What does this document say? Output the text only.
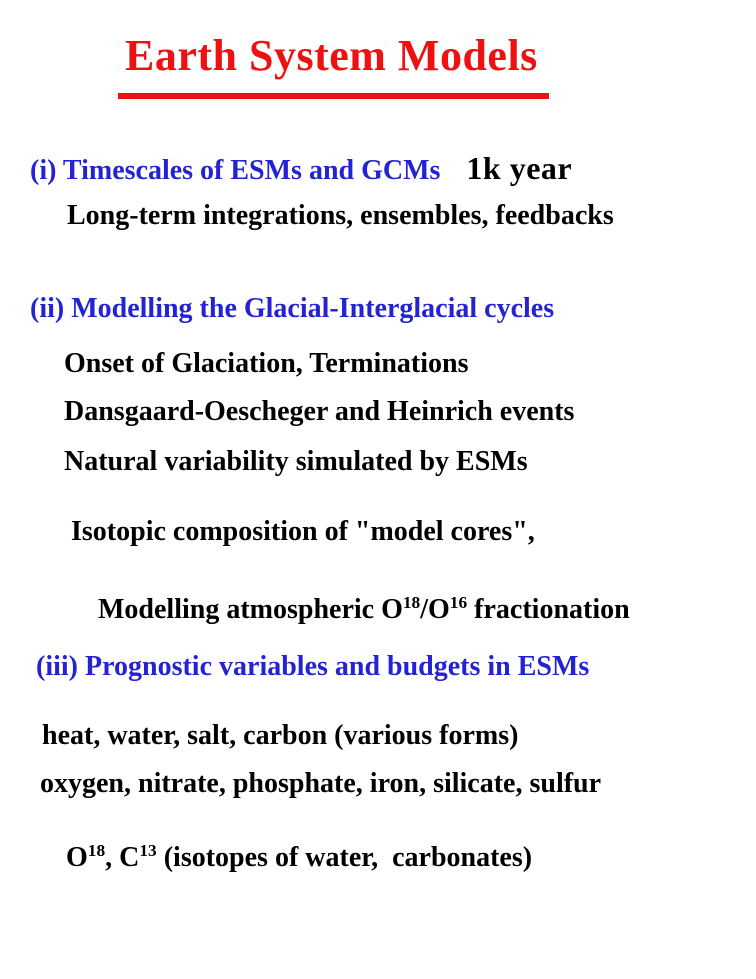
Earth System Models
(i) Timescales of ESMs and GCMs 1k year
Long-term integrations, ensembles, feedbacks
(ii) Modelling the Glacial-Interglacial cycles
Onset of Glaciation, Terminations
Dansgaard-Oescheger and Heinrich events
Natural variability simulated by ESMs
Isotopic composition of "model cores",

Modelling atmospheric $O^{18}/O^{16}$ fractionation

(iii) Prognostic variables and budgets in ESMs
heat, water, salt, carbon (various forms)
oxygen, nitrate, phosphate, iron, silicate, sulfur

$O^{18}$, $C^{13}$ (isotopes of water,  carbonates)
